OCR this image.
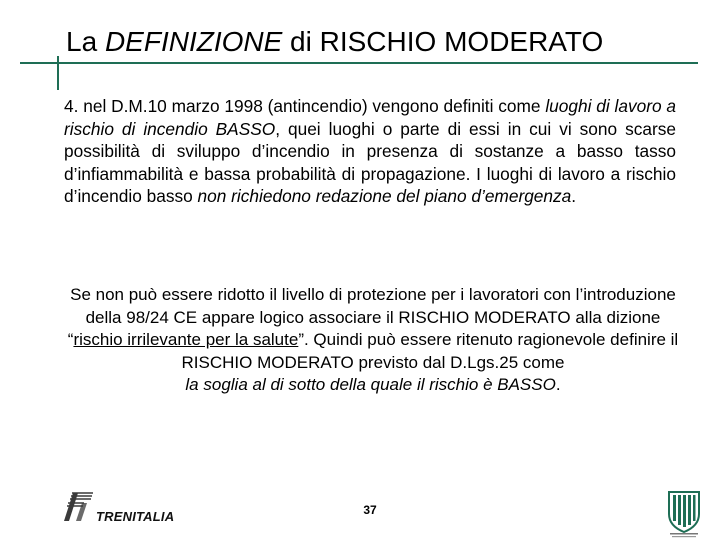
La DEFINIZIONE di RISCHIO MODERATO
4. nel D.M.10 marzo 1998 (antincendio) vengono definiti come luoghi di lavoro a rischio di incendio BASSO, quei luoghi o parte di essi in cui vi sono scarse possibilità di sviluppo d’incendio in presenza di sostanze a basso tasso d’infiammabilità e bassa probabilità di propagazione. I luoghi di lavoro a rischio d’incendio basso non richiedono redazione del piano d’emergenza.
Se non può essere ridotto il livello di protezione per i lavoratori con l’introduzione della 98/24 CE appare logico associare il RISCHIO MODERATO alla dizione “rischio irrilevante per la salute”. Quindi può essere ritenuto ragionevole definire il RISCHIO MODERATO previsto dal D.Lgs.25 come
la soglia al di sotto della quale il rischio è BASSO.
TRENITALIA	37
